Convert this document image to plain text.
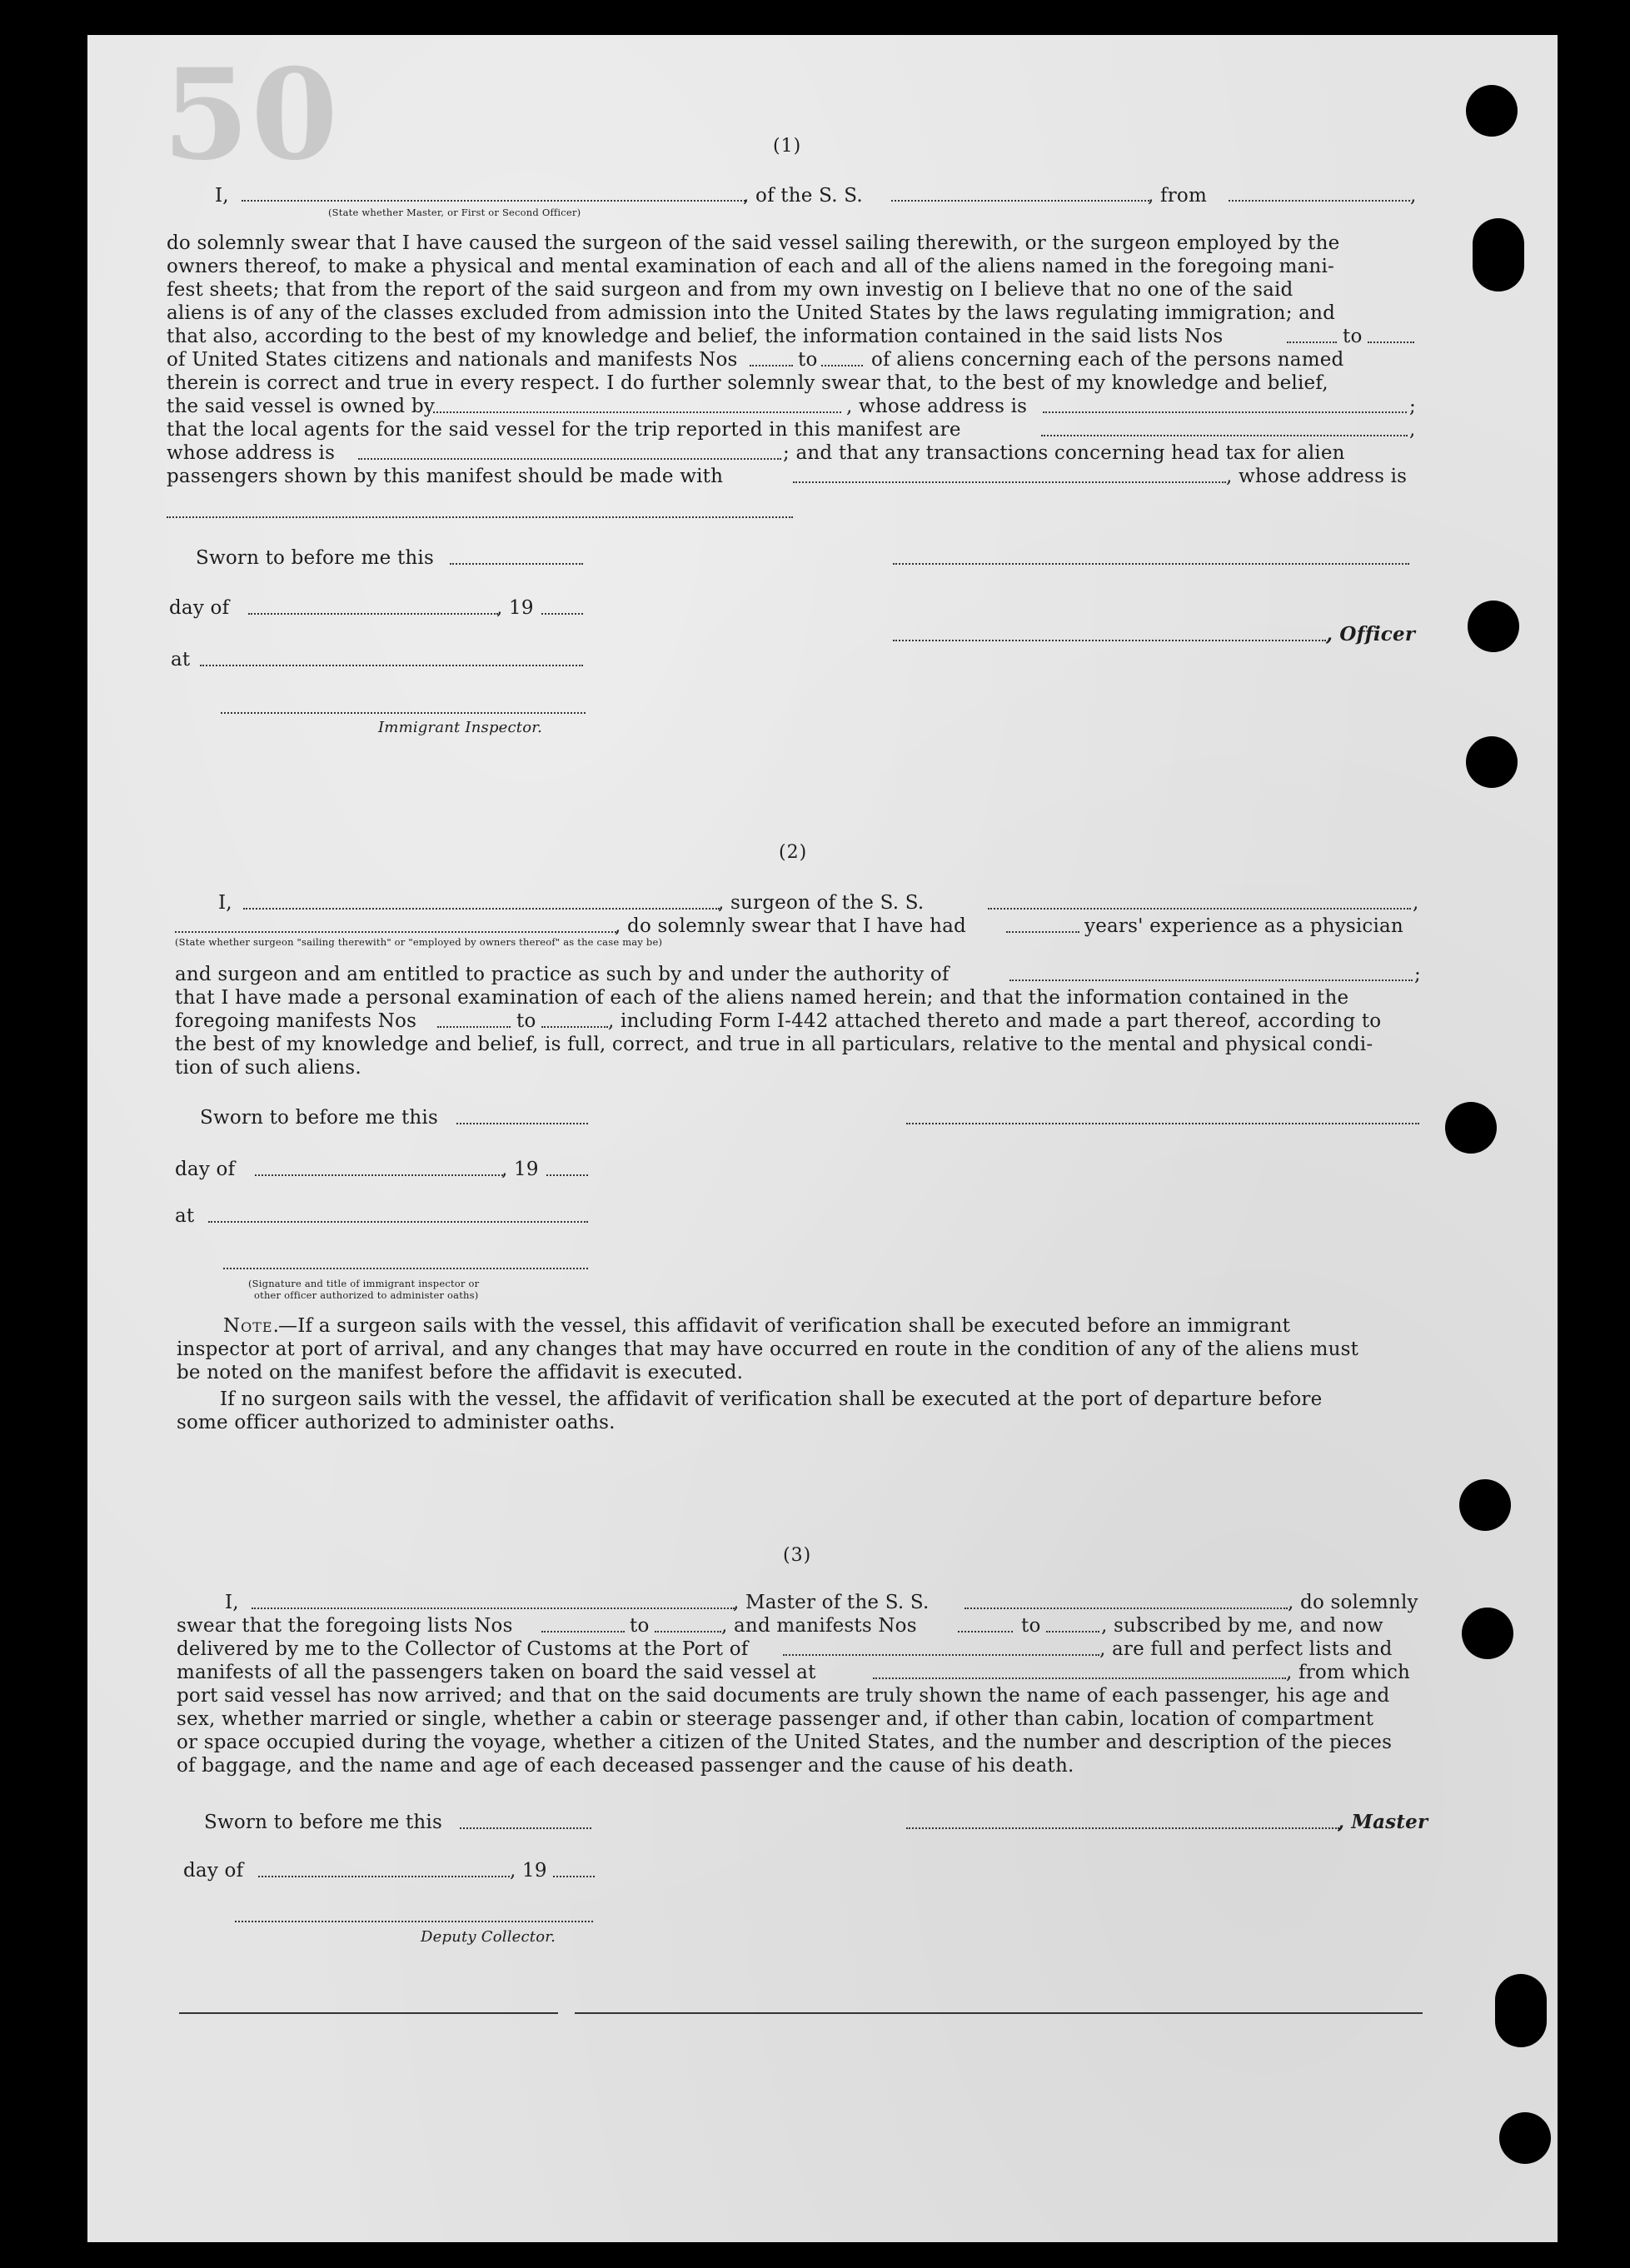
50	(1)
I,	, of the S. S.	, from	,
(State whether Master, or First or Second Officer)
do solemnly swear that I have caused the surgeon of the said vessel sailing therewith, or the surgeon employed by the
owners thereof, to make a physical and mental examination of each and all of the aliens named in the foregoing mani-
fest sheets; that from the report of the said surgeon and from my own investig on I believe that no one of the said
aliens is of any of the classes excluded from admission into the United States by the laws regulating immigration; and
that also, according to the best of my knowledge and belief, the information contained in the said lists Nos	to
of United States citizens and nationals and manifests Nos	to	of aliens concerning each of the persons named
therein is correct and true in every respect. I do further solemnly swear that, to the best of my knowledge and belief,
the said vessel is owned by	, whose address is	;
that the local agents for the said vessel for the trip reported in this manifest are	,
whose address is	; and that any transactions concerning head tax for alien
passengers shown by this manifest should be made with	, whose address is
Sworn to before me this
day of	, 19
, Officer
at
Immigrant Inspector.
(2)
I,	, surgeon of the S. S.	,
, do solemnly swear that I have had	years' experience as a physician
(State whether surgeon "sailing therewith" or "employed by owners thereof" as the case may be)
and surgeon and am entitled to practice as such by and under the authority of	;
that I have made a personal examination of each of the aliens named herein; and that the information contained in the
foregoing manifests Nos	to	, including Form I-442 attached thereto and made a part thereof, according to
the best of my knowledge and belief, is full, correct, and true in all particulars, relative to the mental and physical condi-
tion of such aliens.
Sworn to before me this
day of	, 19
at
(Signature and title of immigrant inspector or
other officer authorized to administer oaths)
Note.
—If a surgeon sails with the vessel, this affidavit of verification shall be executed before an immigrant
inspector at port of arrival, and any changes that may have occurred en route in the condition of any of the aliens must
be noted on the manifest before the affidavit is executed.
If no surgeon sails with the vessel, the affidavit of verification shall be executed at the port of departure before
some officer authorized to administer oaths.
(3)
I,	, Master of the S. S.	, do solemnly
swear that the foregoing lists Nos	to	, and manifests Nos	to	, subscribed by me, and now
delivered by me to the Collector of Customs at the Port of	, are full and perfect lists and
manifests of all the passengers taken on board the said vessel at	, from which
port said vessel has now arrived; and that on the said documents are truly shown the name of each passenger, his age and
sex, whether married or single, whether a cabin or steerage passenger and, if other than cabin, location of compartment
or space occupied during the voyage, whether a citizen of the United States, and the number and description of the pieces
of baggage, and the name and age of each deceased passenger and the cause of his death.
Sworn to before me this	, Master
day of	, 19
Deputy Collector.
